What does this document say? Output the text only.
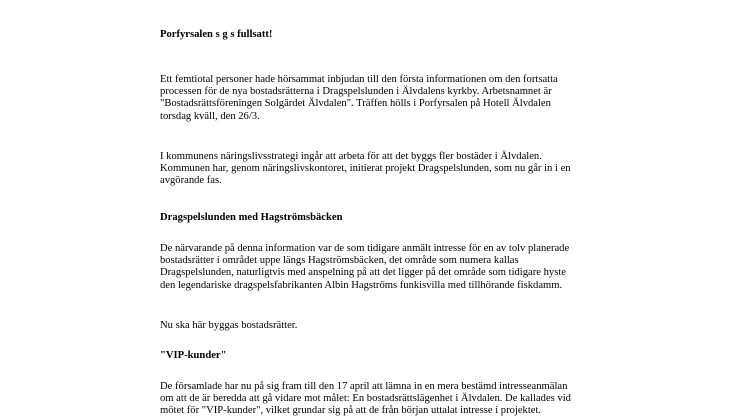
Porfyrsalen s g s fullsatt!
Ett femtiotal personer hade hörsammat inbjudan till den första informationen om den fortsatta
processen för de nya bostadsrätterna i Dragspelslunden i Älvdalens kyrkby. Arbetsnamnet är
"Bostadsrättsföreningen Solgärdet Älvdalen". Träffen hölls i Porfyrsalen på Hotell Älvdalen
torsdag kväll, den 26/3.
I kommunens näringslivsstrategi ingår att arbeta för att det byggs fler bostäder i Älvdalen.
Kommunen har, genom näringslivskontoret, initierat projekt Dragspelslunden, som nu går in i en
avgörande fas.
Dragspelslunden med Hagströmsbäcken
De närvarande på denna information var de som tidigare anmält intresse för en av tolv planerade
bostadsrätter i området uppe längs Hagströmsbäcken, det område som numera kallas
Dragspelslunden, naturligtvis med anspelning på att det ligger på det område som tidigare hyste
den legendariske dragspelsfabrikanten Albin Hagströms funkisvilla med tillhörande fiskdamm.
Nu ska här byggas bostadsrätter.
"VIP-kunder"
De församlade har nu på sig fram till den 17 april att lämna in en mera bestämd intresseanmälan
om att de är beredda att gå vidare mot målet: En bostadsrättslägenhet i Älvdalen. De kallades vid
mötet för "VIP-kunder", vilket grundar sig på att de från början uttalat intresse i projektet.
